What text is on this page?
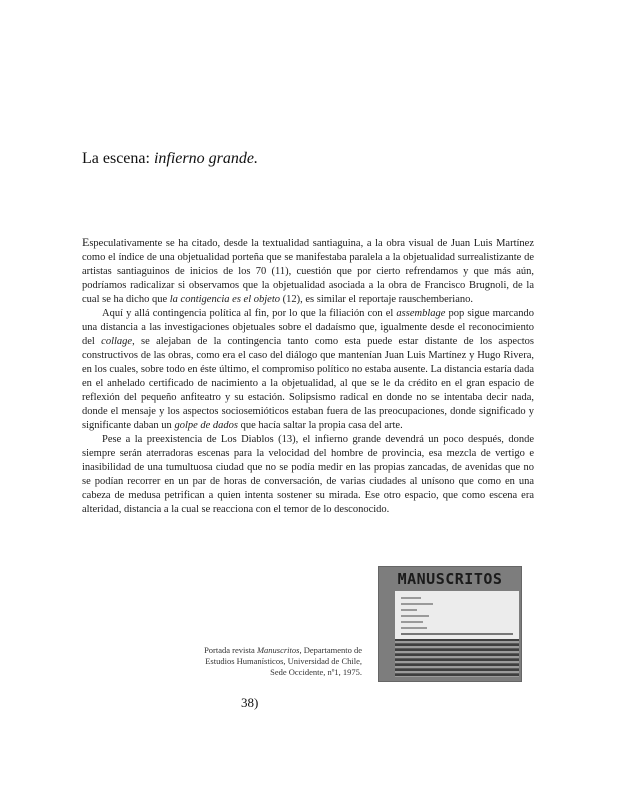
La escena: infierno grande.

Especulativamente se ha citado, desde la textualidad santiaguina, a la obra visual de Juan Luis Martínez como el índice de una objetualidad porteña que se manifestaba paralela a la objetualidad surrealistizante de artistas santiaguinos de inicios de los 70 (11), cuestión que por cierto refrendamos y que más aún, podríamos radicalizar si observamos que la objetualidad asociada a la obra de Francisco Brugnoli, de la cual se ha dicho que la contigencia es el objeto (12), es similar el reportaje rauschemberiano.

Aquí y allá contingencia política al fin, por lo que la filiación con el assemblage pop sigue marcando una distancia a las investigaciones objetuales sobre el dadaísmo que, igualmente desde el reconocimiento del collage, se alejaban de la contingencia tanto como esta puede estar distante de los aspectos constructivos de las obras, como era el caso del diálogo que mantenían Juan Luis Martínez y Hugo Rivera, en los cuales, sobre todo en éste último, el compromiso político no estaba ausente. La distancia estaría dada en el anhelado certificado de nacimiento a la objetualidad, al que se le da crédito en el gran espacio de reflexión del pequeño anfiteatro y su estación. Solipsismo radical en donde no se intentaba decir nada, donde el mensaje y los aspectos sociosemióticos estaban fuera de las preocupaciones, donde significado y significante daban un golpe de dados que hacía saltar la propia casa del arte.

Pese a la preexistencia de Los Diablos (13), el infierno grande devendrá un poco después, donde siempre serán aterradoras escenas para la velocidad del hombre de provincia, esa mezcla de vertigo e inasibilidad de una tumultuosa ciudad que no se podía medir en las propias zancadas, de avenidas que no se podían recorrer en un par de horas de conversación, de varias ciudades al unísono que como en una cabeza de medusa petrifican a quien intenta sostener su mirada. Ese otro espacio, que como escena era alteridad, distancia a la cual se reacciona con el temor de lo desconocido.

MANUSCRITOS
Portada revista Manuscritos, Departamento de Estudios Humanísticos, Universidad de Chile, Sede Occidente, nº1, 1975.
38)
